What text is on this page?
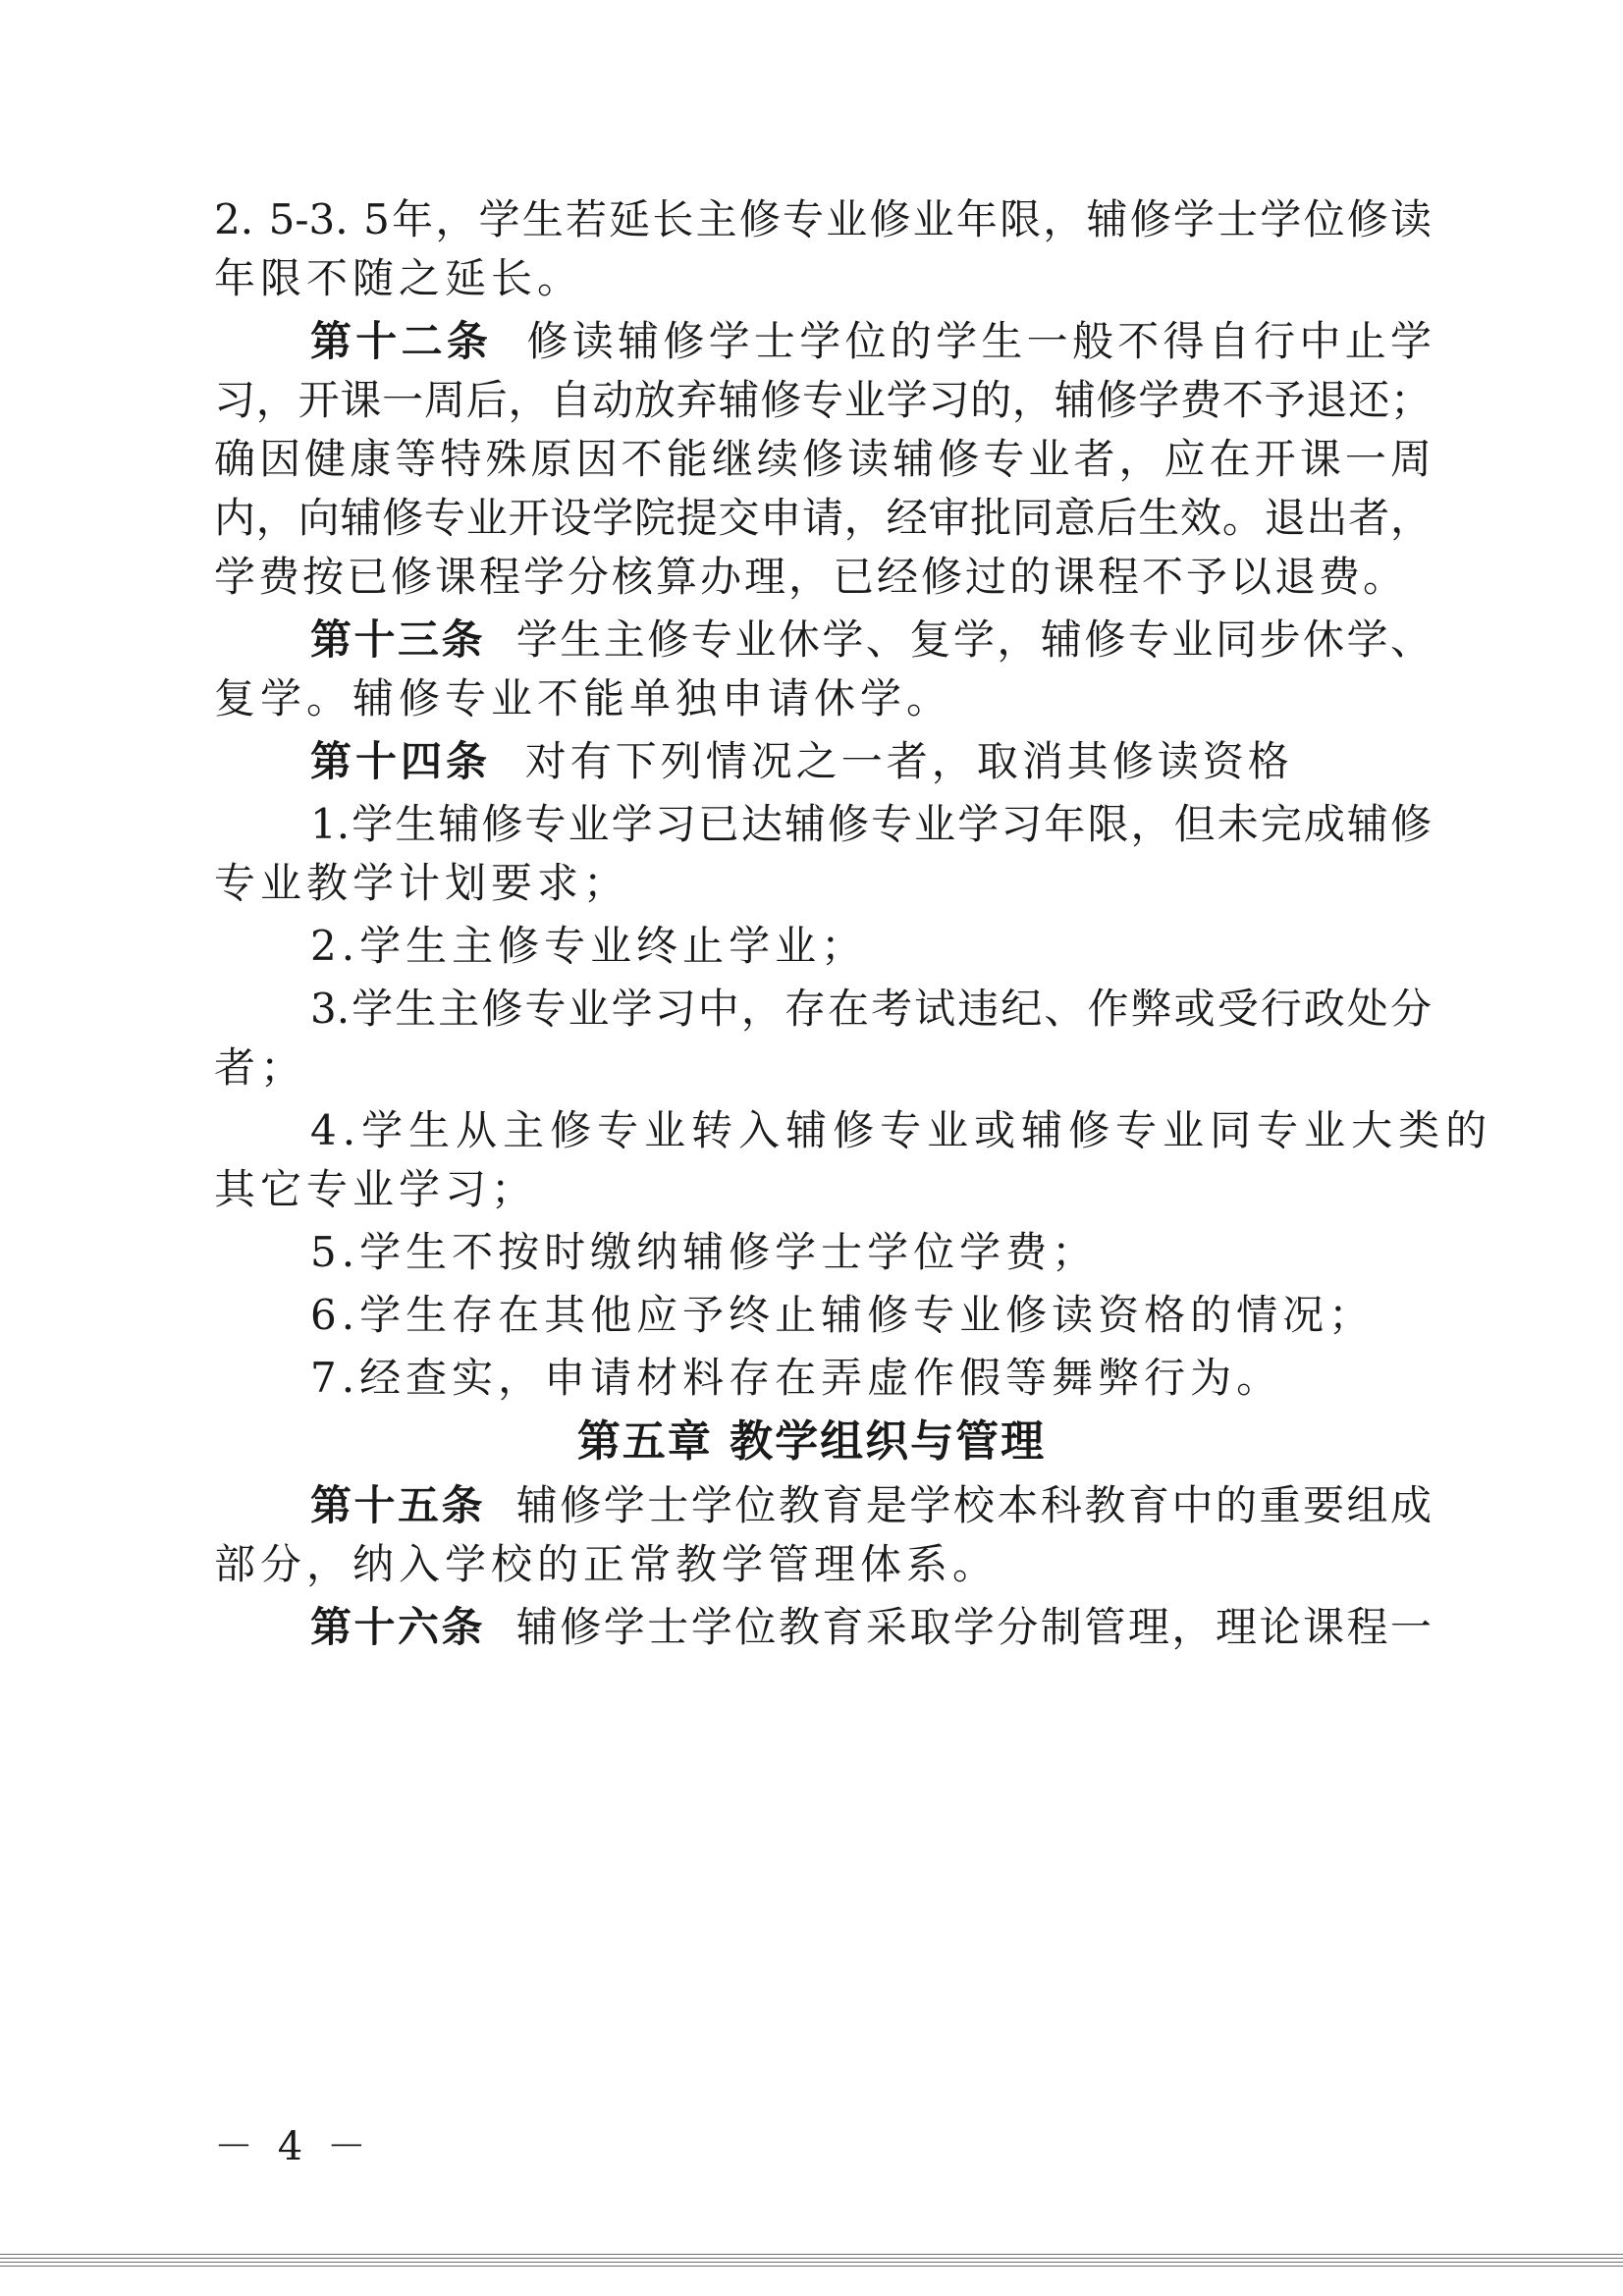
2. 5-3. 5年，学生若延长主修专业修业年限，辅修学士学位修读
年限不随之延长。
第十二条 修读辅修学士学位的学生一般不得自行中止学
习，开课一周后，自动放弃辅修专业学习的，辅修学费不予退还；
确因健康等特殊原因不能继续修读辅修专业者，应在开课一周
内，向辅修专业开设学院提交申请，经审批同意后生效。退出者，
学费按已修课程学分核算办理，已经修过的课程不予以退费。
第十三条 学生主修专业休学、复学，辅修专业同步休学、
复学。辅修专业不能单独申请休学。
第十四条 对有下列情况之一者，取消其修读资格
1.学生辅修专业学习已达辅修专业学习年限，但未完成辅修
专业教学计划要求；
2.学生主修专业终止学业；
3.学生主修专业学习中，存在考试违纪、作弊或受行政处分
者；
4.学生从主修专业转入辅修专业或辅修专业同专业大类的
其它专业学习；
5.学生不按时缴纳辅修学士学位学费；
6.学生存在其他应予终止辅修专业修读资格的情况；
7.经查实，申请材料存在弄虚作假等舞弊行为。
第五章 教学组织与管理
第十五条 辅修学士学位教育是学校本科教育中的重要组成
部分，纳入学校的正常教学管理体系。
第十六条 辅修学士学位教育采取学分制管理，理论课程一
－ 4 －
